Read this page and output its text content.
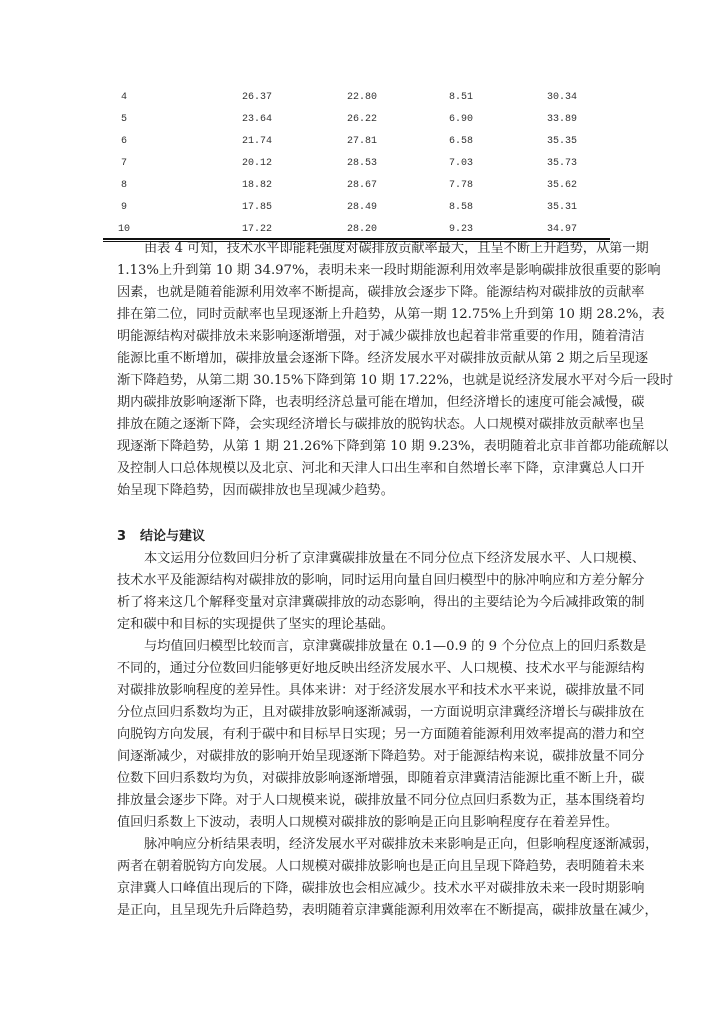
4	26.37	22.80	8.51	30.34
5	23.64	26.22	6.90	33.89
6	21.74	27.81	6.58	35.35
7	20.12	28.53	7.03	35.73
8	18.82	28.67	7.78	35.62
9	17.85	28.49	8.58	35.31
10	17.22	28.20	9.23	34.97
由表 4 可知，技术水平即能耗强度对碳排放贡献率最大，且呈不断上升趋势，从第一期
1.13%上升到第 10 期 34.97%，表明未来一段时期能源利用效率是影响碳排放很重要的影响
因素，也就是随着能源利用效率不断提高，碳排放会逐步下降。能源结构对碳排放的贡献率
排在第二位，同时贡献率也呈现逐渐上升趋势，从第一期 12.75%上升到第 10 期 28.2%，表
明能源结构对碳排放未来影响逐渐增强，对于减少碳排放也起着非常重要的作用，随着清洁
能源比重不断增加，碳排放量会逐渐下降。经济发展水平对碳排放贡献从第 2 期之后呈现逐
渐下降趋势，从第二期 30.15%下降到第 10 期 17.22%，也就是说经济发展水平对今后一段时
期内碳排放影响逐渐下降，也表明经济总量可能在增加，但经济增长的速度可能会减慢，碳
排放在随之逐渐下降，会实现经济增长与碳排放的脱钩状态。人口规模对碳排放贡献率也呈
现逐渐下降趋势，从第 1 期 21.26%下降到第 10 期 9.23%，表明随着北京非首都功能疏解以
及控制人口总体规模以及北京、河北和天津人口出生率和自然增长率下降，京津冀总人口开
始呈现下降趋势，因而碳排放也呈现减少趋势。
3 结论与建议
本文运用分位数回归分析了京津冀碳排放量在不同分位点下经济发展水平、人口规模、
技术水平及能源结构对碳排放的影响，同时运用向量自回归模型中的脉冲响应和方差分解分
析了将来这几个解释变量对京津冀碳排放的动态影响，得出的主要结论为今后减排政策的制
定和碳中和目标的实现提供了坚实的理论基础。
与均值回归模型比较而言，京津冀碳排放量在 0.1—0.9 的 9 个分位点上的回归系数是
不同的，通过分位数回归能够更好地反映出经济发展水平、人口规模、技术水平与能源结构
对碳排放影响程度的差异性。具体来讲：对于经济发展水平和技术水平来说，碳排放量不同
分位点回归系数均为正，且对碳排放影响逐渐减弱，一方面说明京津冀经济增长与碳排放在
向脱钩方向发展，有利于碳中和目标早日实现；另一方面随着能源利用效率提高的潜力和空
间逐渐减少，对碳排放的影响开始呈现逐渐下降趋势。对于能源结构来说，碳排放量不同分
位数下回归系数均为负，对碳排放影响逐渐增强，即随着京津冀清洁能源比重不断上升，碳
排放量会逐步下降。对于人口规模来说，碳排放量不同分位点回归系数为正，基本围绕着均
值回归系数上下波动，表明人口规模对碳排放的影响是正向且影响程度存在着差异性。
脉冲响应分析结果表明，经济发展水平对碳排放未来影响是正向，但影响程度逐渐减弱，
两者在朝着脱钩方向发展。人口规模对碳排放影响也是正向且呈现下降趋势，表明随着未来
京津冀人口峰值出现后的下降，碳排放也会相应减少。技术水平对碳排放未来一段时期影响
是正向，且呈现先升后降趋势，表明随着京津冀能源利用效率在不断提高，碳排放量在减少，
